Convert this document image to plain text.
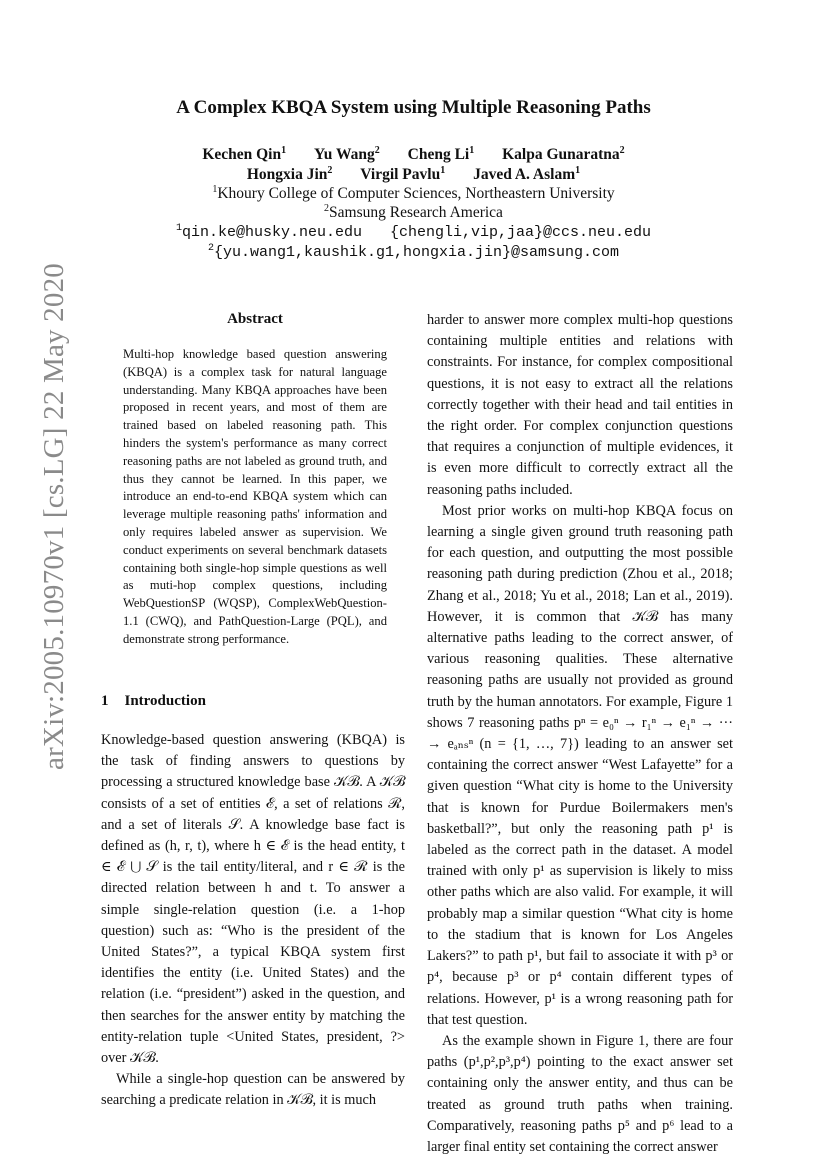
arXiv:2005.10970v1 [cs.LG] 22 May 2020
A Complex KBQA System using Multiple Reasoning Paths
Kechen Qin$^1$ Yu Wang$^2$ Cheng Li$^1$ Kalpa Gunaratna$^2$
Hongxia Jin$^2$ Virgil Pavlu$^1$ Javed A. Aslam$^1$
$^1$Khoury College of Computer Sciences, Northeastern University
$^2$Samsung Research America
$^1$qin.ke@husky.neu.edu {chengli,vip,jaa}@ccs.neu.edu
$^2${yu.wang1,kaushik.g1,hongxia.jin}@samsung.com
Abstract
Multi-hop knowledge based question answering (KBQA) is a complex task for natural language understanding. Many KBQA approaches have been proposed in recent years, and most of them are trained based on labeled reasoning path. This hinders the system's performance as many correct reasoning paths are not labeled as ground truth, and thus they cannot be learned. In this paper, we introduce an end-to-end KBQA system which can leverage multiple reasoning paths' information and only requires labeled answer as supervision. We conduct experiments on several benchmark datasets containing both single-hop simple questions as well as muti-hop complex questions, including WebQuestionSP (WQSP), ComplexWebQuestion-1.1 (CWQ), and PathQuestion-Large (PQL), and demonstrate strong performance.
1 Introduction

Knowledge-based question answering (KBQA) is the task of finding answers to questions by processing a structured knowledge base 𝒦ℬ. A 𝒦ℬ consists of a set of entities ℰ, a set of relations ℛ, and a set of literals 𝒮. A knowledge base fact is defined as (h, r, t), where h ∈ ℰ is the head entity, t ∈ ℰ ⋃ 𝒮 is the tail entity/literal, and r ∈ ℛ is the directed relation between h and t. To answer a simple single-relation question (i.e. a 1-hop question) such as: “Who is the president of the United States?”, a typical KBQA system first identifies the entity (i.e. United States) and the relation (i.e. “president”) asked in the question, and then searches for the answer entity by matching the entity-relation tuple <United States, president, ?> over 𝒦ℬ.

While a single-hop question can be answered by searching a predicate relation in 𝒦ℬ, it is much

harder to answer more complex multi-hop questions containing multiple entities and relations with constraints. For instance, for complex compositional questions, it is not easy to extract all the relations correctly together with their head and tail entities in the right order. For complex conjunction questions that requires a conjunction of multiple evidences, it is even more difficult to correctly extract all the reasoning paths included.

Most prior works on multi-hop KBQA focus on learning a single given ground truth reasoning path for each question, and outputting the most possible reasoning path during prediction (Zhou et al., 2018; Zhang et al., 2018; Yu et al., 2018; Lan et al., 2019). However, it is common that 𝒦ℬ has many alternative paths leading to the correct answer, of various reasoning qualities. These alternative reasoning paths are usually not provided as ground truth by the human annotators. For example, Figure 1 shows 7 reasoning paths pⁿ = e₀ⁿ → r₁ⁿ → e₁ⁿ → ··· → eₐₙₛⁿ (n = {1, …, 7}) leading to an answer set containing the correct answer “West Lafayette” for a given question “What city is home to the University that is known for Purdue Boilermakers men's basketball?”, but only the reasoning path p¹ is labeled as the correct path in the dataset. A model trained with only p¹ as supervision is likely to miss other paths which are also valid. For example, it will probably map a similar question “What city is home to the stadium that is known for Los Angeles Lakers?” to path p¹, but fail to associate it with p³ or p⁴, because p³ or p⁴ contain different types of relations. However, p¹ is a wrong reasoning path for that test question.

As the example shown in Figure 1, there are four paths (p¹,p²,p³,p⁴) pointing to the exact answer set containing only the answer entity, and thus can be treated as ground truth paths when training. Comparatively, reasoning paths p⁵ and p⁶ lead to a larger final entity set containing the correct answer
